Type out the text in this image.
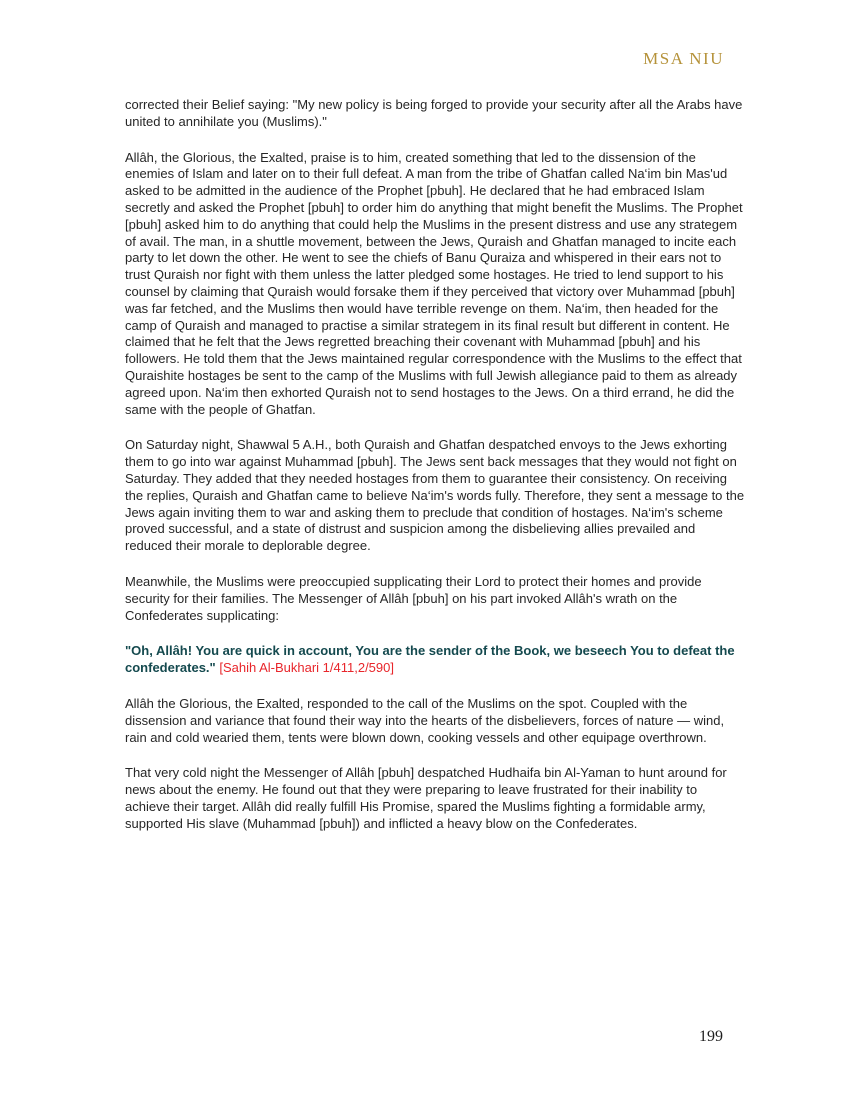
MSA NIU

corrected their Belief saying: "My new policy is being forged to provide your security after all the Arabs have united to annihilate you (Muslims)."

Allâh, the Glorious, the Exalted, praise is to him, created something that led to the dissension of the enemies of Islam and later on to their full defeat. A man from the tribe of Ghatfan called Na‘im bin Mas'ud asked to be admitted in the audience of the Prophet [pbuh]. He declared that he had embraced Islam secretly and asked the Prophet [pbuh] to order him do anything that might benefit the Muslims. The Prophet [pbuh] asked him to do anything that could help the Muslims in the present distress and use any strategem of avail. The man, in a shuttle movement, between the Jews, Quraish and Ghatfan managed to incite each party to let down the other. He went to see the chiefs of Banu Quraiza and whispered in their ears not to trust Quraish nor fight with them unless the latter pledged some hostages. He tried to lend support to his counsel by claiming that Quraish would forsake them if they perceived that victory over Muhammad [pbuh] was far fetched, and the Muslims then would have terrible revenge on them. Na‘im, then headed for the camp of Quraish and managed to practise a similar strategem in its final result but different in content. He claimed that he felt that the Jews regretted breaching their covenant with Muhammad [pbuh] and his followers. He told them that the Jews maintained regular correspondence with the Muslims to the effect that Quraishite hostages be sent to the camp of the Muslims with full Jewish allegiance paid to them as already agreed upon. Na‘im then exhorted Quraish not to send hostages to the Jews. On a third errand, he did the same with the people of Ghatfan.

On Saturday night, Shawwal 5 A.H., both Quraish and Ghatfan despatched envoys to the Jews exhorting them to go into war against Muhammad [pbuh]. The Jews sent back messages that they would not fight on Saturday. They added that they needed hostages from them to guarantee their consistency. On receiving the replies, Quraish and Ghatfan came to believe Na‘im's words fully. Therefore, they sent a message to the Jews again inviting them to war and asking them to preclude that condition of hostages. Na‘im's scheme proved successful, and a state of distrust and suspicion among the disbelieving allies prevailed and reduced their morale to deplorable degree.

Meanwhile, the Muslims were preoccupied supplicating their Lord to protect their homes and provide security for their families. The Messenger of Allâh [pbuh] on his part invoked Allâh's wrath on the Confederates supplicating:

"Oh, Allâh! You are quick in account, You are the sender of the Book, we beseech You to defeat the confederates." [Sahih Al-Bukhari 1/411,2/590]

Allâh the Glorious, the Exalted, responded to the call of the Muslims on the spot. Coupled with the dissension and variance that found their way into the hearts of the disbelievers, forces of nature — wind, rain and cold wearied them, tents were blown down, cooking vessels and other equipage overthrown.

That very cold night the Messenger of Allâh [pbuh] despatched Hudhaifa bin Al-Yaman to hunt around for news about the enemy. He found out that they were preparing to leave frustrated for their inability to achieve their target. Allâh did really fulfill His Promise, spared the Muslims fighting a formidable army, supported His slave (Muhammad [pbuh]) and inflicted a heavy blow on the Confederates.

199
